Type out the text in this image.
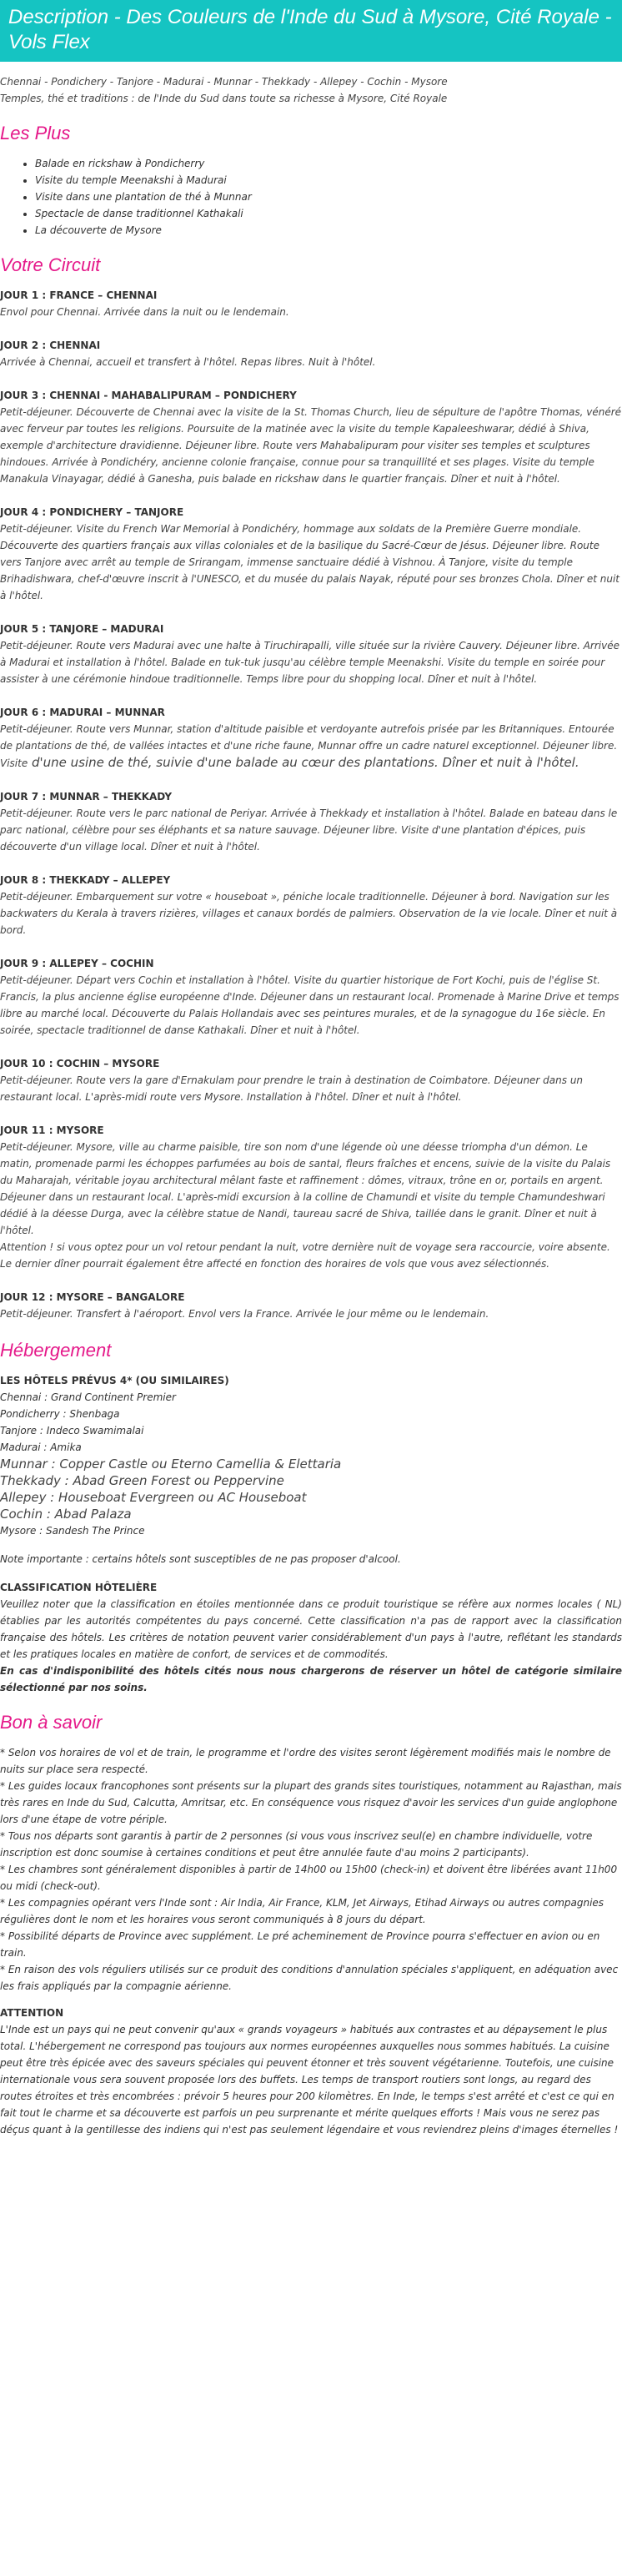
Description - Des Couleurs de l'Inde du Sud à Mysore, Cité Royale - Vols Flex
Chennai - Pondichery - Tanjore - Madurai - Munnar - Thekkady - Allepey - Cochin - Mysore
Temples, thé et traditions : de l'Inde du Sud dans toute sa richesse à Mysore, Cité Royale
Les Plus
• Balade en rickshaw à Pondicherry
• Visite du temple Meenakshi à Madurai
• Visite dans une plantation de thé à Munnar
• Spectacle de danse traditionnel Kathakali
• La découverte de Mysore
Votre Circuit
JOUR 1 : FRANCE – CHENNAI
Envol pour Chennai. Arrivée dans la nuit ou le lendemain.
JOUR 2 : CHENNAI
Arrivée à Chennai, accueil et transfert à l'hôtel. Repas libres. Nuit à l'hôtel.
JOUR 3 : CHENNAI - MAHABALIPURAM – PONDICHERY
Petit-déjeuner. Découverte de Chennai avec la visite de la St. Thomas Church, lieu de sépulture de l'apôtre Thomas, vénéré avec ferveur par toutes les religions. Poursuite de la matinée avec la visite du temple Kapaleeshwarar, dédié à Shiva, exemple d'architecture dravidienne. Déjeuner libre. Route vers Mahabalipuram pour visiter ses temples et sculptures hindoues. Arrivée à Pondichéry, ancienne colonie française, connue pour sa tranquillité et ses plages. Visite du temple Manakula Vinayagar, dédié à Ganesha, puis balade en rickshaw dans le quartier français. Dîner et nuit à l'hôtel.
JOUR 4 : PONDICHERY – TANJORE
Petit-déjeuner. Visite du French War Memorial à Pondichéry, hommage aux soldats de la Première Guerre mondiale. Découverte des quartiers français aux villas coloniales et de la basilique du Sacré-Cœur de Jésus. Déjeuner libre. Route vers Tanjore avec arrêt au temple de Srirangam, immense sanctuaire dédié à Vishnou. À Tanjore, visite du temple Brihadishwara, chef-d'œuvre inscrit à l'UNESCO, et du musée du palais Nayak, réputé pour ses bronzes Chola. Dîner et nuit à l'hôtel.
JOUR 5 : TANJORE – MADURAI
Petit-déjeuner. Route vers Madurai avec une halte à Tiruchirapalli, ville située sur la rivière Cauvery. Déjeuner libre. Arrivée à Madurai et installation à l'hôtel. Balade en tuk-tuk jusqu'au célèbre temple Meenakshi. Visite du temple en soirée pour assister à une cérémonie hindoue traditionnelle. Temps libre pour du shopping local. Dîner et nuit à l'hôtel.
JOUR 6 : MADURAI – MUNNAR
Petit-déjeuner. Route vers Munnar, station d'altitude paisible et verdoyante autrefois prisée par les Britanniques. Entourée de plantations de thé, de vallées intactes et d'une riche faune, Munnar offre un cadre naturel exceptionnel. Déjeuner libre. Visite d'une usine de thé, suivie d'une balade au cœur des plantations. Dîner et nuit à l'hôtel.
JOUR 7 : MUNNAR – THEKKADY
Petit-déjeuner. Route vers le parc national de Periyar. Arrivée à Thekkady et installation à l'hôtel. Balade en bateau dans le parc national, célèbre pour ses éléphants et sa nature sauvage. Déjeuner libre. Visite d'une plantation d'épices, puis découverte d'un village local. Dîner et nuit à l'hôtel.
JOUR 8 : THEKKADY – ALLEPEY
Petit-déjeuner. Embarquement sur votre « houseboat », péniche locale traditionnelle. Déjeuner à bord. Navigation sur les backwaters du Kerala à travers rizières, villages et canaux bordés de palmiers. Observation de la vie locale. Dîner et nuit à bord.
JOUR 9 : ALLEPEY – COCHIN
Petit-déjeuner. Départ vers Cochin et installation à l'hôtel. Visite du quartier historique de Fort Kochi, puis de l'église St. Francis, la plus ancienne église européenne d'Inde. Déjeuner dans un restaurant local. Promenade à Marine Drive et temps libre au marché local. Découverte du Palais Hollandais avec ses peintures murales, et de la synagogue du 16e siècle. En soirée, spectacle traditionnel de danse Kathakali. Dîner et nuit à l'hôtel.
JOUR 10 : COCHIN – MYSORE
Petit-déjeuner. Route vers la gare d'Ernakulam pour prendre le train à destination de Coimbatore. Déjeuner dans un restaurant local. L'après-midi route vers Mysore. Installation à l'hôtel. Dîner et nuit à l'hôtel.
JOUR 11 : MYSORE
Petit-déjeuner. Mysore, ville au charme paisible, tire son nom d'une légende où une déesse triompha d'un démon. Le matin, promenade parmi les échoppes parfumées au bois de santal, fleurs fraîches et encens, suivie de la visite du Palais du Maharajah, véritable joyau architectural mêlant faste et raffinement : dômes, vitraux, trône en or, portails en argent. Déjeuner dans un restaurant local. L'après-midi excursion à la colline de Chamundi et visite du temple Chamundeshwari dédié à la déesse Durga, avec la célèbre statue de Nandi, taureau sacré de Shiva, taillée dans le granit. Dîner et nuit à l'hôtel.
Attention ! si vous optez pour un vol retour pendant la nuit, votre dernière nuit de voyage sera raccourcie, voire absente. Le dernier dîner pourrait également être affecté en fonction des horaires de vols que vous avez sélectionnés.
JOUR 12 : MYSORE – BANGALORE
Petit-déjeuner. Transfert à l'aéroport. Envol vers la France. Arrivée le jour même ou le lendemain.
Hébergement
LES HÔTELS PRÉVUS 4* (OU SIMILAIRES)
Chennai : Grand Continent Premier
Pondicherry : Shenbaga
Tanjore : Indeco Swamimalai
Madurai : Amika
Munnar : Copper Castle ou Eterno Camellia & Elettaria
Thekkady : Abad Green Forest ou Peppervine
Allepey : Houseboat Evergreen ou AC Houseboat
Cochin : Abad Palaza
Mysore : Sandesh The Prince
Note importante : certains hôtels sont susceptibles de ne pas proposer d'alcool.
CLASSIFICATION HÔTELIÈRE
Veuillez noter que la classification en étoiles mentionnée dans ce produit touristique se réfère aux normes locales ( NL) établies par les autorités compétentes du pays concerné. Cette classification n'a pas de rapport avec la classification française des hôtels. Les critères de notation peuvent varier considérablement d'un pays à l'autre, reflétant les standards et les pratiques locales en matière de confort, de services et de commodités.
En cas d'indisponibilité des hôtels cités nous nous chargerons de réserver un hôtel de catégorie similaire sélectionné par nos soins.
Bon à savoir
* Selon vos horaires de vol et de train, le programme et l'ordre des visites seront légèrement modifiés mais le nombre de nuits sur place sera respecté.
* Les guides locaux francophones sont présents sur la plupart des grands sites touristiques, notamment au Rajasthan, mais très rares en Inde du Sud, Calcutta, Amritsar, etc. En conséquence vous risquez d'avoir les services d'un guide anglophone lors d'une étape de votre périple.
* Tous nos départs sont garantis à partir de 2 personnes (si vous vous inscrivez seul(e) en chambre individuelle, votre inscription est donc soumise à certaines conditions et peut être annulée faute d'au moins 2 participants).
* Les chambres sont généralement disponibles à partir de 14h00 ou 15h00 (check-in) et doivent être libérées avant 11h00 ou midi (check-out).
* Les compagnies opérant vers l'Inde sont : Air India, Air France, KLM, Jet Airways, Etihad Airways ou autres compagnies régulières dont le nom et les horaires vous seront communiqués à 8 jours du départ.
* Possibilité départs de Province avec supplément. Le pré acheminement de Province pourra s'effectuer en avion ou en train.
* En raison des vols réguliers utilisés sur ce produit des conditions d'annulation spéciales s'appliquent, en adéquation avec les frais appliqués par la compagnie aérienne.
ATTENTION
L'Inde est un pays qui ne peut convenir qu'aux « grands voyageurs » habitués aux contrastes et au dépaysement le plus total. L'hébergement ne correspond pas toujours aux normes européennes auxquelles nous sommes habitués. La cuisine peut être très épicée avec des saveurs spéciales qui peuvent étonner et très souvent végétarienne. Toutefois, une cuisine internationale vous sera souvent proposée lors des buffets. Les temps de transport routiers sont longs, au regard des routes étroites et très encombrées : prévoir 5 heures pour 200 kilomètres. En Inde, le temps s'est arrêté et c'est ce qui en fait tout le charme et sa découverte est parfois un peu surprenante et mérite quelques efforts ! Mais vous ne serez pas déçus quant à la gentillesse des indiens qui n'est pas seulement légendaire et vous reviendrez pleins d'images éternelles !
